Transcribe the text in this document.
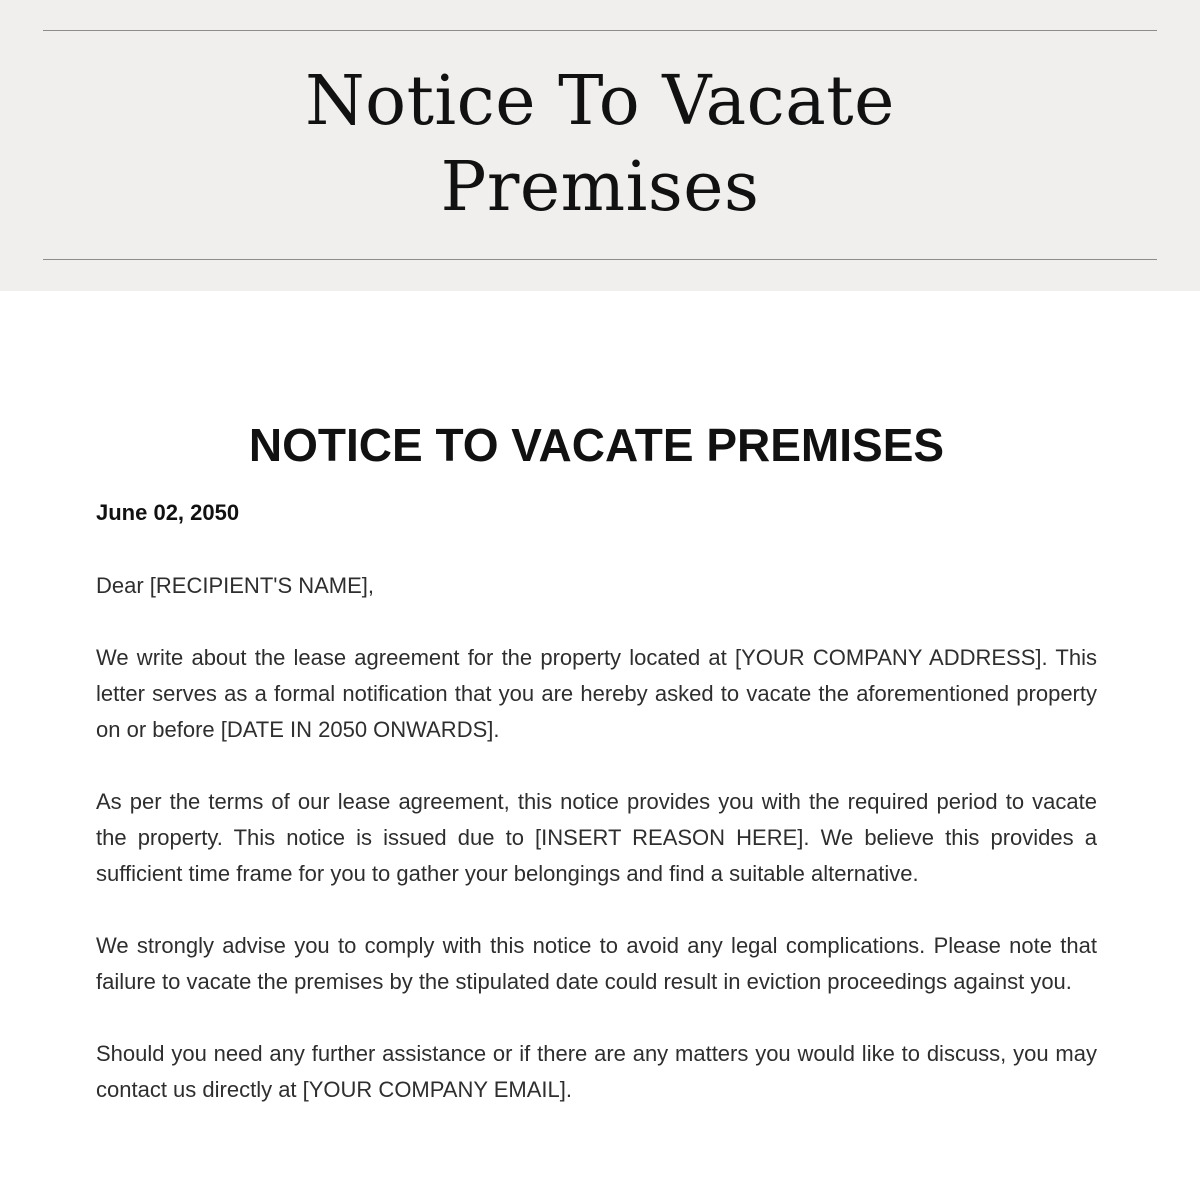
Notice To Vacate
Premises
NOTICE TO VACATE PREMISES
June 02, 2050

Dear [RECIPIENT'S NAME],

We write about the lease agreement for the property located at [YOUR COMPANY ADDRESS]. This letter serves as a formal notification that you are hereby asked to vacate the aforementioned property on or before [DATE IN 2050 ONWARDS].

As per the terms of our lease agreement, this notice provides you with the required period to vacate the property. This notice is issued due to [INSERT REASON HERE]. We believe this provides a sufficient time frame for you to gather your belongings and find a suitable alternative.

We strongly advise you to comply with this notice to avoid any legal complications. Please note that failure to vacate the premises by the stipulated date could result in eviction proceedings against you.

Should you need any further assistance or if there are any matters you would like to discuss, you may contact us directly at [YOUR COMPANY EMAIL].
